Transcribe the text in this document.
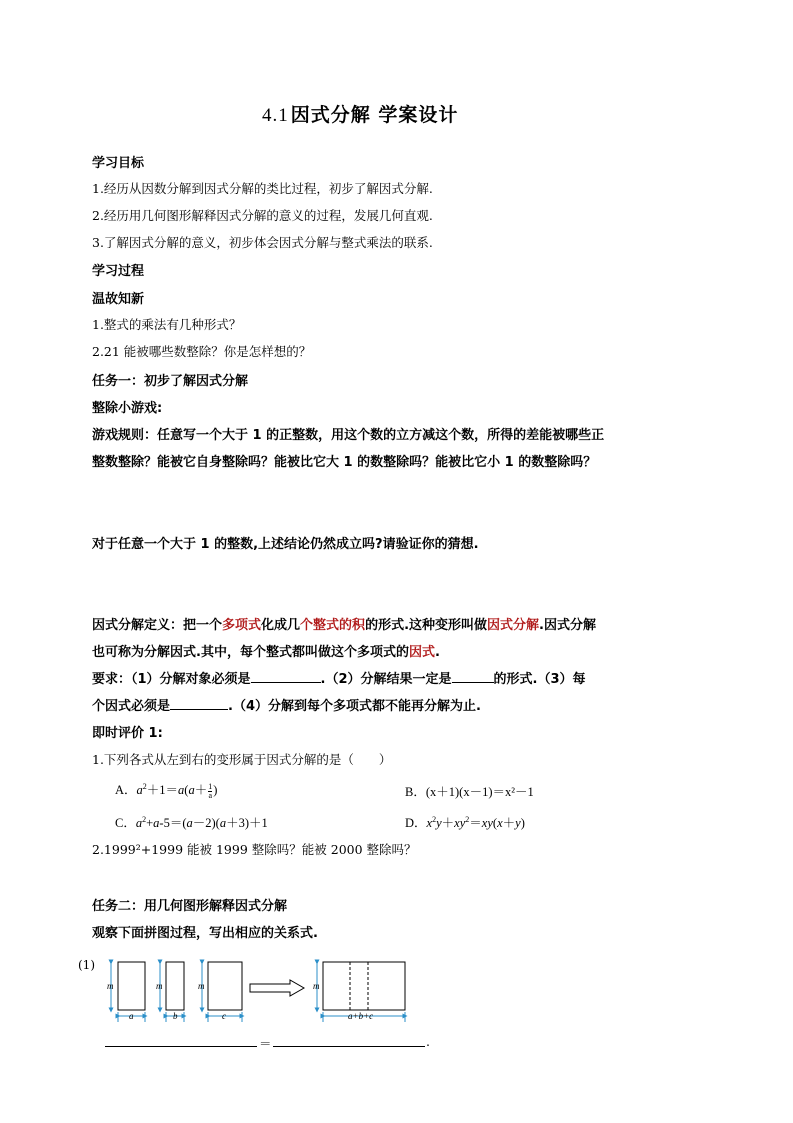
4.1 因式分解 学案设计
学习目标
1.经历从因数分解到因式分解的类比过程，初步了解因式分解.
2.经历用几何图形解释因式分解的意义的过程，发展几何直观.
3.了解因式分解的意义，初步体会因式分解与整式乘法的联系.
学习过程
温故知新
1.整式的乘法有几种形式？
2.21 能被哪些数整除？你是怎样想的？
任务一：初步了解因式分解
整除小游戏:
游戏规则：任意写一个大于 1 的正整数，用这个数的立方减这个数，所得的差能被哪些正
整数整除？能被它自身整除吗？能被比它大 1 的数整除吗？能被比它小 1 的数整除吗？
对于任意一个大于 1 的整数,上述结论仍然成立吗?请验证你的猜想.
因式分解定义：把一个多项式化成几个整式的积的形式.这种变形叫做因式分解.因式分解
也可称为分解因式.其中，每个整式都叫做这个多项式的因式.
要求：（1）分解对象必须是	.（2）分解结果一定是	的形式.（3）每
个因式必须是	.（4）分解到每个多项式都不能再分解为止.
即时评价 1:
1.下列各式从左到右的变形属于因式分解的是（　　）
A．$a^2+1=a(a+ \frac{1}{a}$ )	B．(x＋1)(x－1)＝x²－1
C．$a^2+a-5=(a-2)(a+3)+1$	D．$x^2y+xy^2=xy(x+y)$
2.1999²+1999 能被 1999 整除吗？能被 2000 整除吗？
任务二：用几何图形解释因式分解
观察下面拼图过程，写出相应的关系式.
(1)
m
a
m
b
m
c
m
a+b+c
＝	.
